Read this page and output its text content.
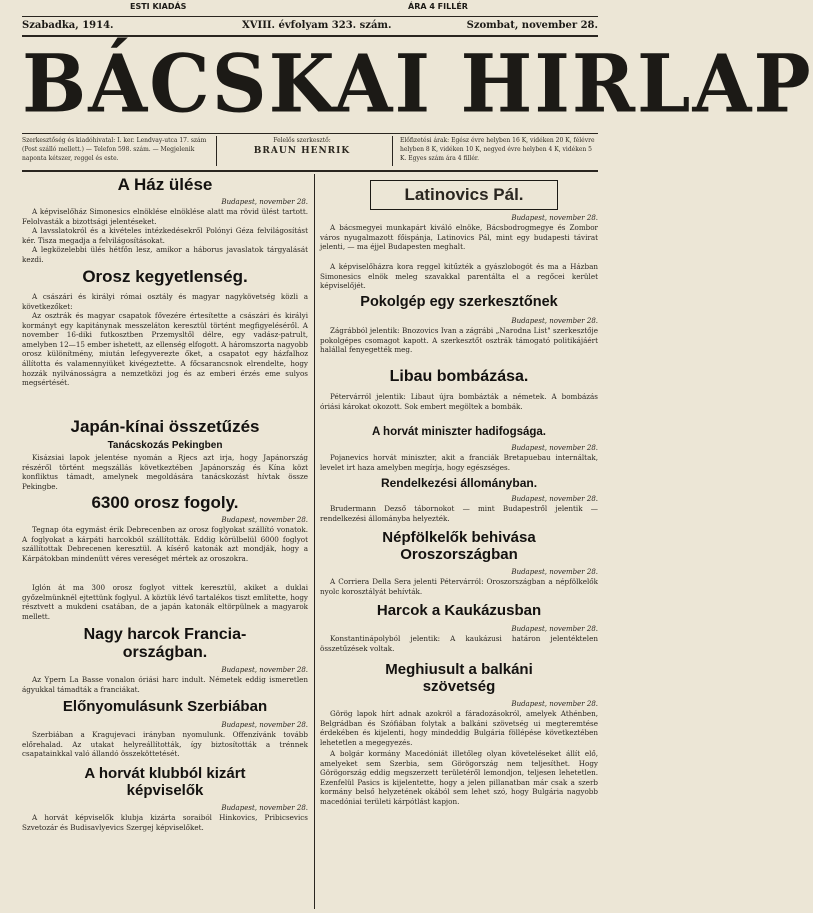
ESTI KIADÁS	ÁRA 4 FILLÉR
Szabadka, 1914.	XVIII. évfolyam 323. szám.	Szombat, november 28.
BÁCSKAI HIRLAP
Szerkesztőség és kiadóhivatal: I. ker. Lendvay-utca 17. szám (Post szálló mellett.) — Telefon 598. szám. — Megjelenik naponta kétszer, reggel és este.
Felelős szerkesztő:
BRAUN HENRIK
Előfizetési árak: Egész évre helyben 16 K, vidéken 20 K, félévre helyben 8 K, vidéken 10 K, negyed évre helyben 4 K, vidéken 5 K. Egyes szám ára 4 fillér.
A Ház ülése
Budapest, november 28.
A képviselőház Simonesics elnöklése elnöklése alatt ma rövid ülést tartott. Felolvasták a bizottsági jelentéseket.
A lavsslatokról és a kivételes intézkedésekről Polónyi Géza felvilágosítást kér. Tisza megadja a felvilágosításokat.
A legközelebbi ülés hétfőn lesz, amikor a háborus javaslatok tárgyalását kezdi.
Orosz kegyetlenség.
A császári és királyi római osztály és magyar nagykövetség közli a következőket:
Az osztrák és magyar csapatok fővezére értesítette a császári és királyi kormányt egy kapitánynak messzeláton keresztül történt megfigyeléséről. A november 16-diki futkosztben Przemysltől délre, egy vadász-patrult, amelyben 12—15 ember ishetett, az ellenség elfogott. A háromszorta nagyobb orosz különítmény, miután lefegyverezte őket, a csapatot egy házfalhoz állította és valamennyiüket kivégeztette. A főcsarancsnok elrendelte, hogy hozzák nyilvánosságra a nemzetközi jog és az emberi érzés eme sulyos megsértését.
Japán-kínai összetűzés
Tanácskozás Pekingben
Kisázsiai lapok jelentése nyomán a Rjecs azt irja, hogy Japánország részéről történt megszállás következtében Japánország és Kína közt konfliktus támadt, amelynek megoldására tanácskozást hívtak össze Pekingbe.
6300 orosz fogoly.
Budapest, november 28.
Tegnap óta egymást érik Debrecenben az orosz foglyokat szállító vonatok. A foglyokat a kárpáti harcokból szállították. Eddig körülbelül 6000 foglyot szállítottak Debrecenen keresztül. A kísérő katonák azt mondják, hogy a Kárpátokban mindenütt véres vereséget mértek az oroszokra.
Iglón át ma 300 orosz foglyot vittek keresztül, akiket a duklai győzelmünknél ejtettünk foglyul. A köztük lévő tartalékos tiszt említette, hogy résztvett a mukdeni csatában, de a japán katonák eltörpülnek a magyarok mellett.
Nagy harcok Francia-országban.
Budapest, november 28.
Az Ypern La Basse vonalon óriási harc indult. Németek eddig ismeretlen ágyukkal támadták a franciákat.
Előnyomulásunk Szerbiában
Budapest, november 28.
Szerbiában a Kragujevaci irányban nyomulunk. Offenzívánk tovább előrehalad. Az utakat helyreállították, így biztosították a trénnek csapatainkkal való állandó összeköttetését.
A horvát klubból kizárt képviselők
Budapest, november 28.
A horvát képviselők klubja kizárta soraiból Hinkovics, Pribicsevics Szvetozár és Budisavlyevics Szergej képviselőket.
Latinovics Pál.
Budapest, november 28.
A bácsmegyei munkapárt kiváló elnöke, Bácsbodrogmegye és Zombor város nyugalmazott főispánja, Latinovics Pál, mint egy budapesti távirat jelenti, — ma éjjel Budapesten meghalt.
A képviselőházra kora reggel kitűzték a gyászlobogót és ma a Házban Simonesics elnök meleg szavakkal parentálta el a regőcei kerület képviselőjét.
Pokolgép egy szerkesztőnek
Budapest, november 28.
Zágrábból jelentik: Bnozovics Ivan a zágrábi „Narodna List" szerkesztője pokolgépes csomagot kapott. A szerkesztőt osztrák támogató politikájáért halállal fenyegették meg.
Libau bombázása.
Pétervárról jelentik: Libaut újra bombázták a németek. A bombázás óriási károkat okozott. Sok embert megöltek a bombák.
A horvát miniszter hadifogsága.
Budapest, november 28.
Pojanevics horvát miniszter, akit a franciák Bretapuebau internáltak, levelet irt haza amelyben megírja, hogy egészséges.
Rendelkezési állományban.
Budapest, november 28.
Brudermann Dezső tábornokot — mint Budapestről jelentik — rendelkezési állományba helyezték.
Népfölkelők behivása Oroszországban
Budapest, november 28.
A Corriera Della Sera jelenti Pétervárról: Oroszországban a népfölkelők nyolc korosztályát behívták.
Harcok a Kaukázusban
Budapest, november 28.
Konstantinápolyból jelentik: A kaukázusi határon jelentéktelen összetűzések voltak.
Meghiusult a balkáni szövetség
Budapest, november 28.
Görög lapok hírt adnak azokról a fáradozásokról, amelyek Athénben, Belgrádban és Szófiában folytak a balkáni szövetség ui megteremtése érdekében és kijelenti, hogy mindeddig Bulgária föllépése következtében lehetetlen a megegyezés.
A bolgár kormány Macedóniát illetőleg olyan követeléseket állít elő, amelyeket sem Szerbia, sem Görögország nem teljesíthet. Hogy Görögország eddig megszerzett területéről lemondjon, teljesen lehetetlen. Ezenfelül Pasics is kijelentette, hogy a jelen pillanatban már csak a szerb kormány belső helyzetének okából sem lehet szó, hogy Bulgária nagyobb macedóniai területi kárpótlást kapjon.
